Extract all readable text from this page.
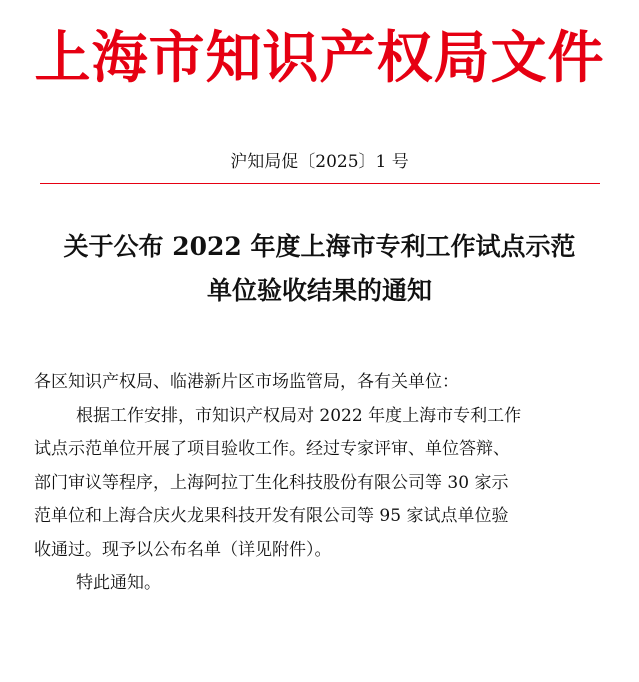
上海市知识产权局文件
沪知局促〔2025〕1 号
关于公布 2022 年度上海市专利工作试点示范
单位验收结果的通知

各区知识产权局、临港新片区市场监管局，各有关单位：

根据工作安排，市知识产权局对 2022 年度上海市专利工作

试点示范单位开展了项目验收工作。经过专家评审、单位答辩、

部门审议等程序，上海阿拉丁生化科技股份有限公司等 30 家示

范单位和上海合庆火龙果科技开发有限公司等 95 家试点单位验

收通过。现予以公布名单（详见附件）。

特此通知。
